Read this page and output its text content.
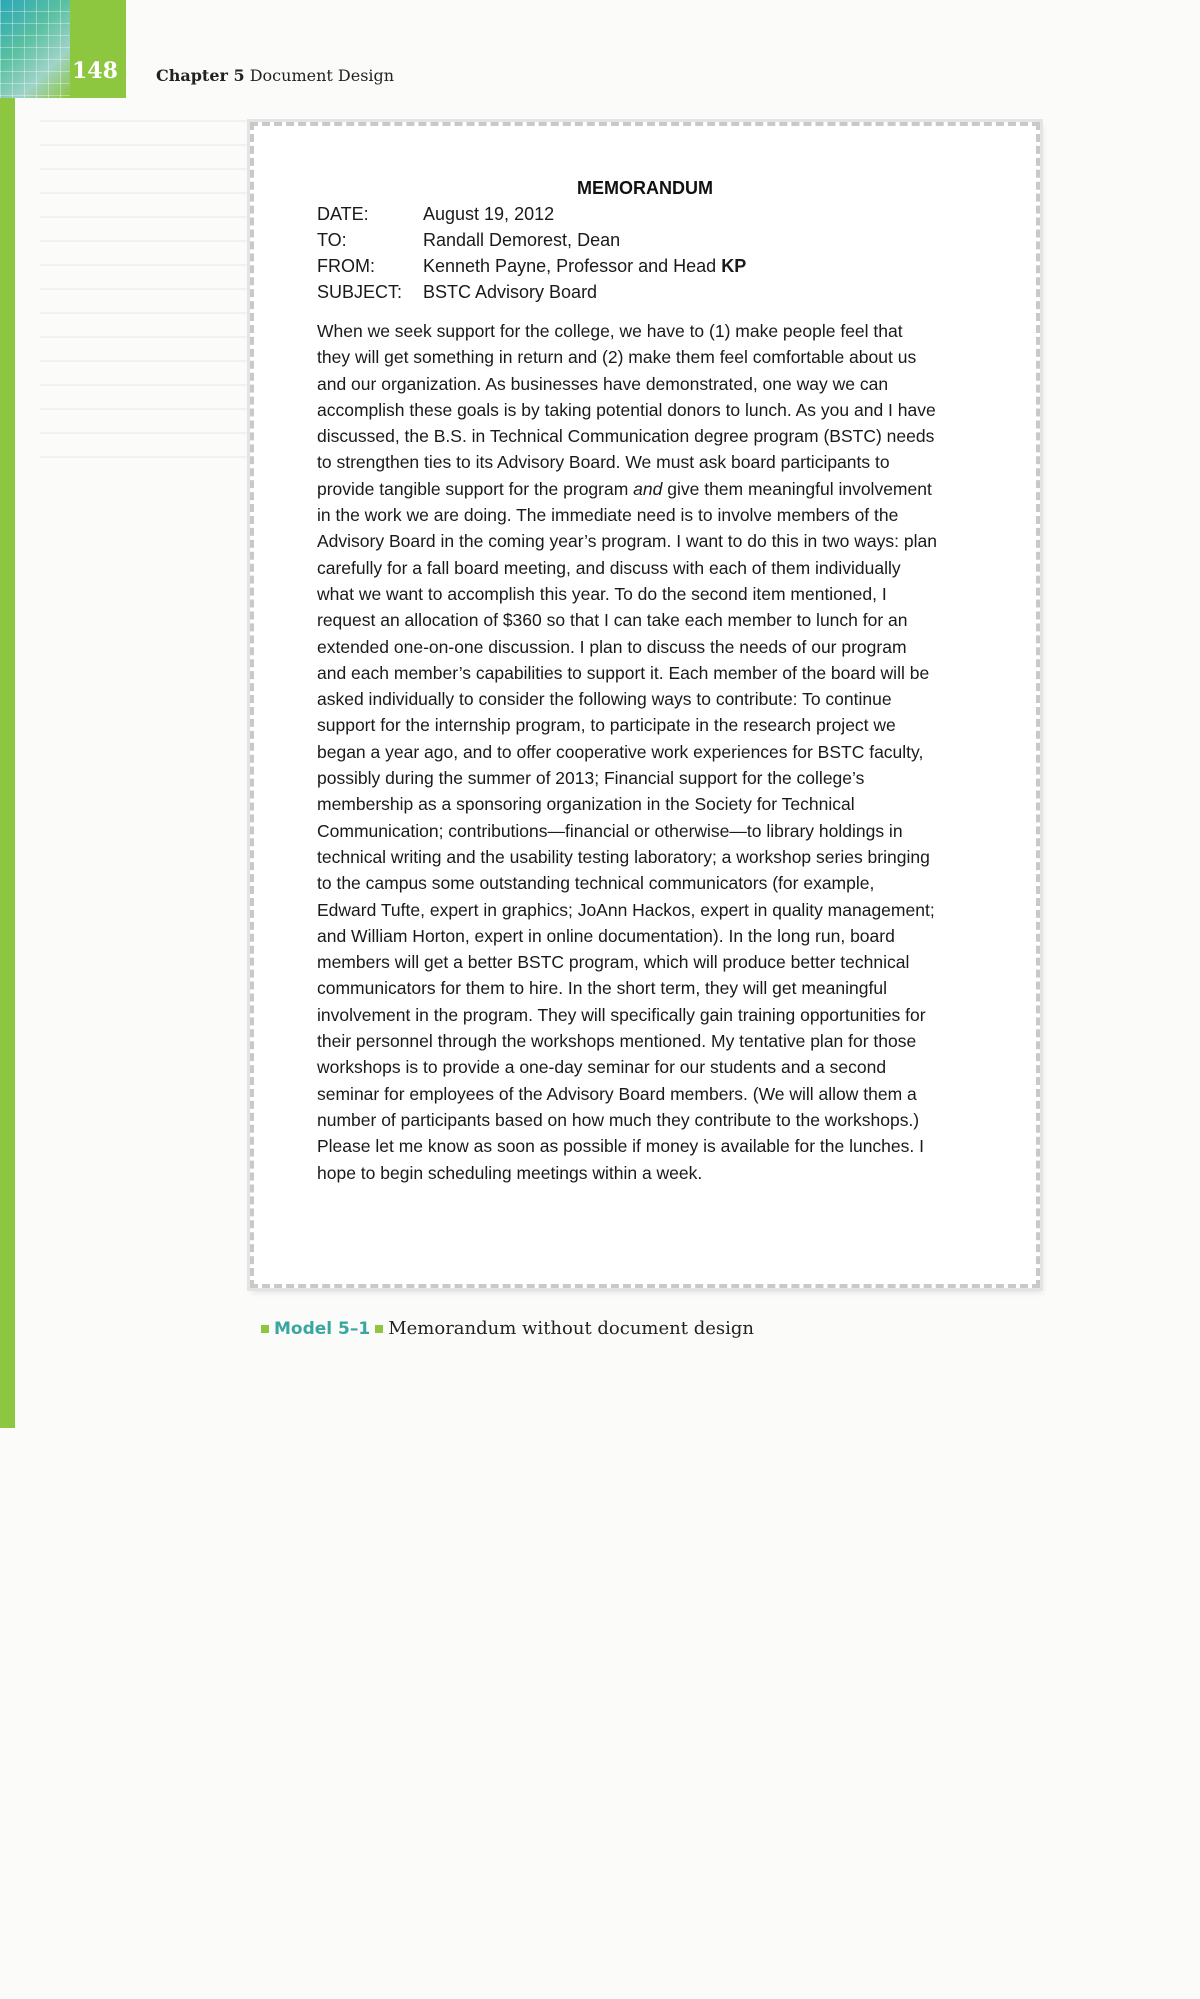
148 Chapter 5 Document Design
MEMORANDUM
DATE:	August 19, 2012
TO:	Randall Demorest, Dean
FROM:	Kenneth Payne, Professor and Head KP
SUBJECT: BSTC Advisory Board
When we seek support for the college, we have to (1) make people feel that they will get something in return and (2) make them feel comfortable about us and our organization. As businesses have demonstrated, one way we can accomplish these goals is by taking potential donors to lunch. As you and I have discussed, the B.S. in Technical Communication degree program (BSTC) needs to strengthen ties to its Advisory Board. We must ask board participants to provide tangible support for the program and give them meaningful involvement in the work we are doing. The immediate need is to involve members of the Advisory Board in the coming year’s program. I want to do this in two ways: plan carefully for a fall board meeting, and discuss with each of them individually what we want to accomplish this year. To do the second item mentioned, I request an allocation of $360 so that I can take each member to lunch for an extended one-on-one discussion. I plan to discuss the needs of our program and each member’s capabilities to support it. Each member of the board will be asked individually to consider the following ways to contribute: To continue support for the internship program, to participate in the research project we began a year ago, and to offer cooperative work experiences for BSTC faculty, possibly during the summer of 2013; Financial support for the college’s membership as a sponsoring organization in the Society for Technical Communication; contributions—financial or otherwise—to library holdings in technical writing and the usability testing laboratory; a workshop series bringing to the campus some outstanding technical communicators (for example, Edward Tufte, expert in graphics; JoAnn Hackos, expert in quality management; and William Horton, expert in online documentation). In the long run, board members will get a better BSTC program, which will produce better technical communicators for them to hire. In the short term, they will get meaningful involvement in the program. They will specifically gain training opportunities for their personnel through the workshops mentioned. My tentative plan for those workshops is to provide a one-day seminar for our students and a second seminar for employees of the Advisory Board members. (We will allow them a number of participants based on how much they contribute to the workshops.) Please let me know as soon as possible if money is available for the lunches. I hope to begin scheduling meetings within a week.
Model 5–1 Memorandum without document design
